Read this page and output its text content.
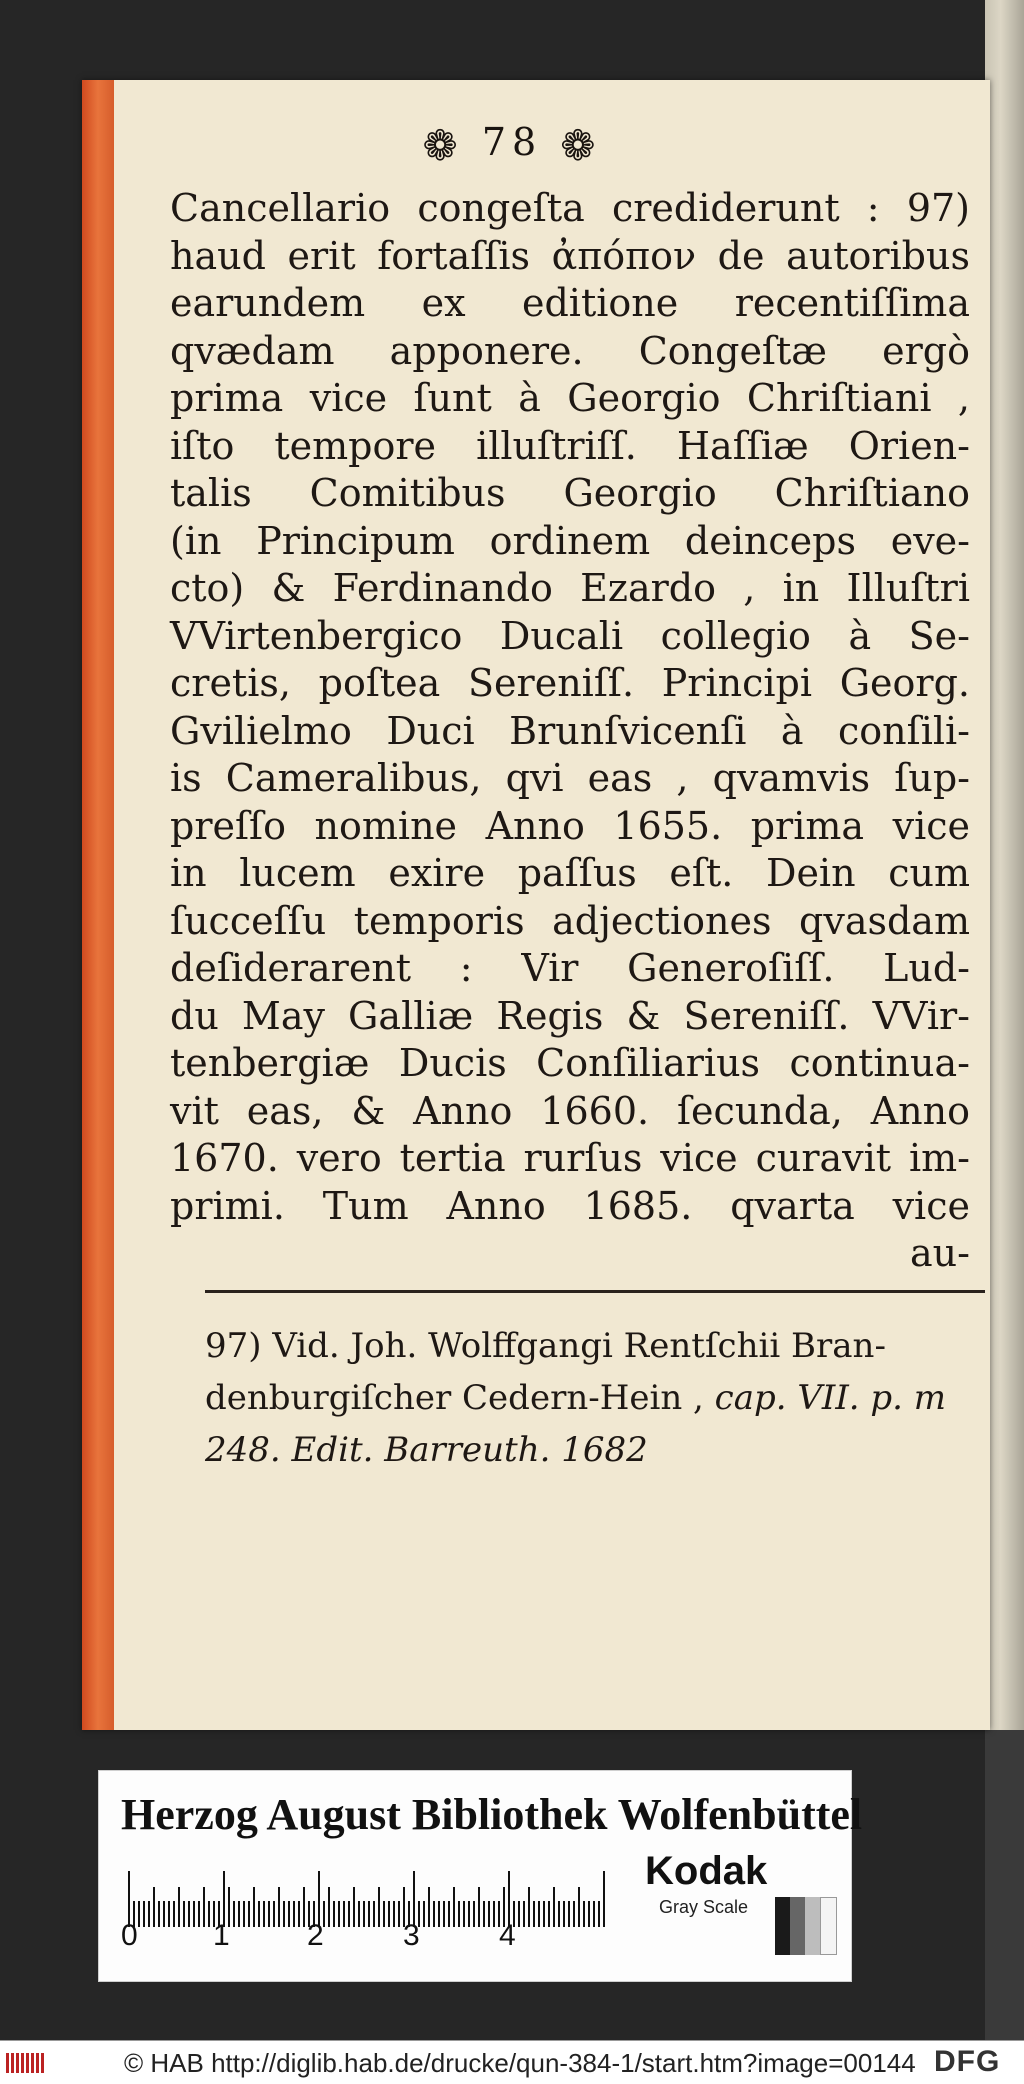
❁ 78 ❁
Cancellario congeſta crediderunt : 97)
haud erit fortaſſis ἀπόπον de autoribus
earundem ex editione recentiſſima
qvædam apponere. Congeſtæ ergò
prima vice ſunt à Georgio Chriſtiani ,
iſto tempore illuſtriſſ. Haſſiæ Orien-
talis Comitibus Georgio Chriſtiano
(in Principum ordinem deinceps eve-
cto) & Ferdinando Ezardo , in Illuſtri
VVirtenbergico Ducali collegio à Se-
cretis, poſtea Sereniſſ. Principi Georg.
Gvilielmo Duci Brunſvicenſi à conſili-
is Cameralibus, qvi eas , qvamvis ſup-
preſſo nomine Anno 1655. prima vice
in lucem exire paſſus eſt. Dein cum
ſucceſſu temporis adjectiones qvasdam
deſiderarent : Vir Generoſiſſ. Lud-
du May Galliæ Regis & Sereniſſ. VVir-
tenbergiæ Ducis Conſiliarius continua-
vit eas, & Anno 1660. ſecunda, Anno
1670. vero tertia rurſus vice curavit im-
primi. Tum Anno 1685. qvarta vice
au-
97) Vid. Joh. Wolffgangi Rentſchii Bran-
denburgiſcher Cedern-Hein , cap. VII. p. m
248. Edit. Barreuth. 1682
Herzog August Bibliothek Wolfenbüttel
0	1	2	3	4
Kodak
Gray Scale
© HAB http://diglib.hab.de/drucke/qun-384-1/start.htm?image=00144 DFG
